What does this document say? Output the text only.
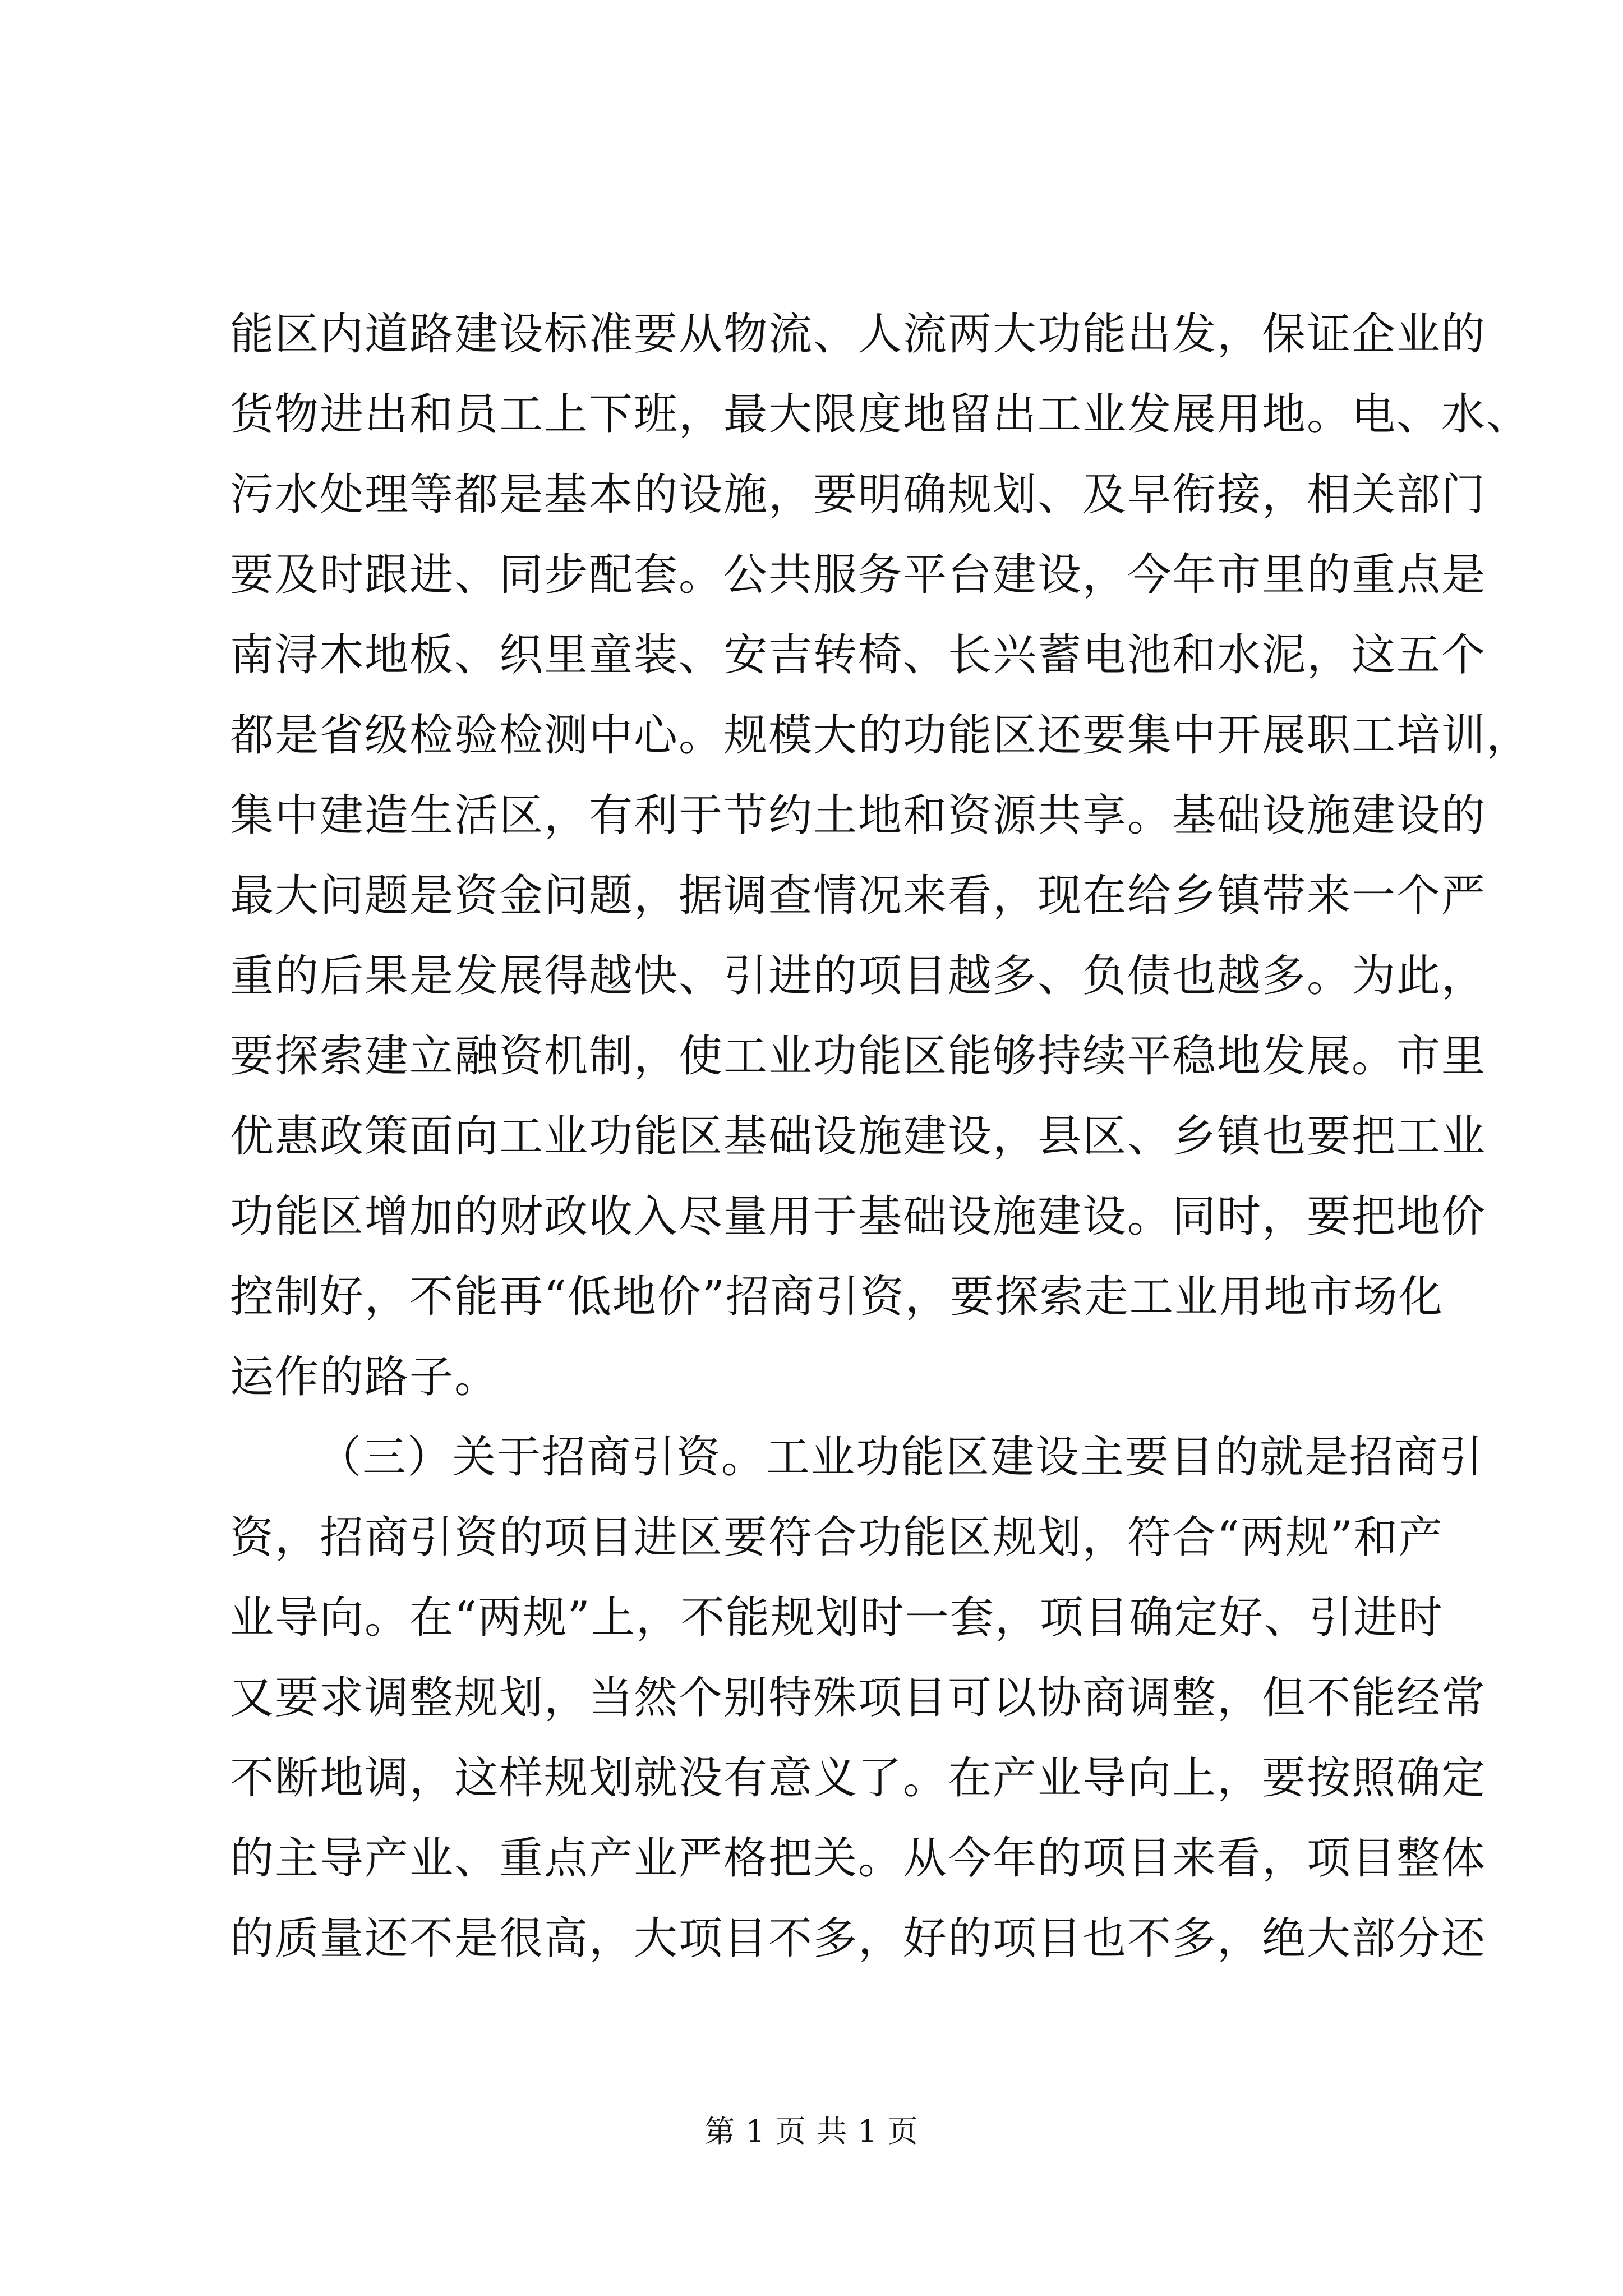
能区内道路建设标准要从物流、人流两大功能出发，保证企业的
货物进出和员工上下班，最大限度地留出工业发展用地。电、水、
污水处理等都是基本的设施，要明确规划、及早衔接，相关部门
要及时跟进、同步配套。公共服务平台建设，今年市里的重点是
南浔木地板、织里童装、安吉转椅、长兴蓄电池和水泥，这五个
都是省级检验检测中心。规模大的功能区还要集中开展职工培训，
集中建造生活区，有利于节约土地和资源共享。基础设施建设的
最大问题是资金问题，据调查情况来看，现在给乡镇带来一个严
重的后果是发展得越快、引进的项目越多、负债也越多。为此，
要探索建立融资机制，使工业功能区能够持续平稳地发展。市里
优惠政策面向工业功能区基础设施建设，县区、乡镇也要把工业
功能区增加的财政收入尽量用于基础设施建设。同时，要把地价
控制好，不能再“低地价”招商引资，要探索走工业用地市场化
运作的路子。
（三）关于招商引资。工业功能区建设主要目的就是招商引
资，招商引资的项目进区要符合功能区规划，符合“两规”和产
业导向。在“两规”上，不能规划时一套，项目确定好、引进时
又要求调整规划，当然个别特殊项目可以协商调整，但不能经常
不断地调，这样规划就没有意义了。在产业导向上，要按照确定
的主导产业、重点产业严格把关。从今年的项目来看，项目整体
的质量还不是很高，大项目不多，好的项目也不多，绝大部分还
第 1 页 共 1 页
